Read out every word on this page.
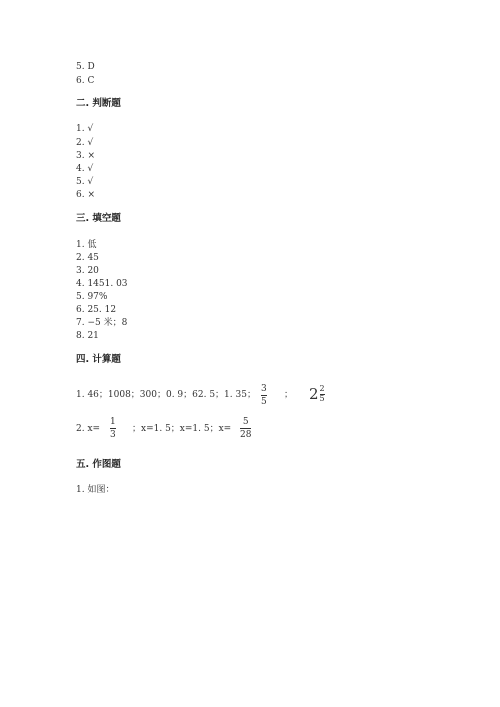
5. D
6. C
二. 判断题
1. √
2. √
3. ×
4. √
5. √
6. ×
三. 填空题
1. 低
2. 45
3. 20
4. 1451. 03
5. 97%
6. 25. 12
7. −5 米；8
8. 21
四. 计算题
1. 46；1008；300；0. 9；62. 5；1. 35；
3
5
； 2 2
5
2. x=
1
3
；x=1. 5；x=1. 5；x=
5
28
五. 作图题
1. 如图：
